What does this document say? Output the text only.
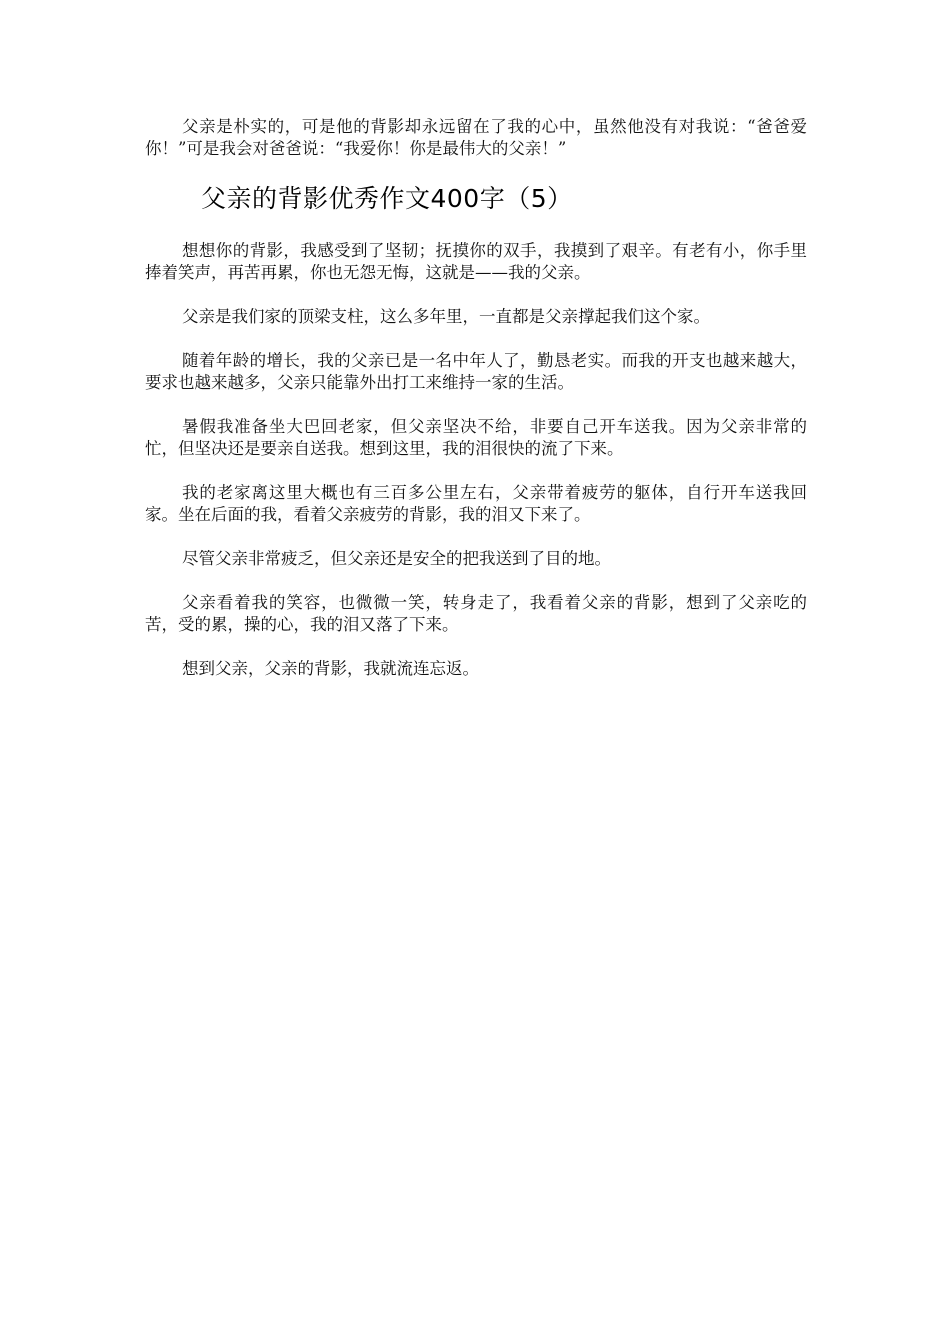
父亲是朴实的，可是他的背影却永远留在了我的心中，虽然他没有对我说：“爸爸爱你！”可是我会对爸爸说：“我爱你！你是最伟大的父亲！”

父亲的背影优秀作文400字（5）

想想你的背影，我感受到了坚韧；抚摸你的双手，我摸到了艰辛。有老有小，你手里捧着笑声，再苦再累，你也无怨无悔，这就是——我的父亲。

父亲是我们家的顶梁支柱，这么多年里，一直都是父亲撑起我们这个家。

随着年龄的增长，我的父亲已是一名中年人了，勤恳老实。而我的开支也越来越大，要求也越来越多，父亲只能靠外出打工来维持一家的生活。

暑假我准备坐大巴回老家，但父亲坚决不给，非要自己开车送我。因为父亲非常的忙，但坚决还是要亲自送我。想到这里，我的泪很快的流了下来。

我的老家离这里大概也有三百多公里左右，父亲带着疲劳的躯体，自行开车送我回家。坐在后面的我，看着父亲疲劳的背影，我的泪又下来了。

尽管父亲非常疲乏，但父亲还是安全的把我送到了目的地。

父亲看着我的笑容，也微微一笑，转身走了，我看着父亲的背影，想到了父亲吃的苦，受的累，操的心，我的泪又落了下来。

想到父亲，父亲的背影，我就流连忘返。
